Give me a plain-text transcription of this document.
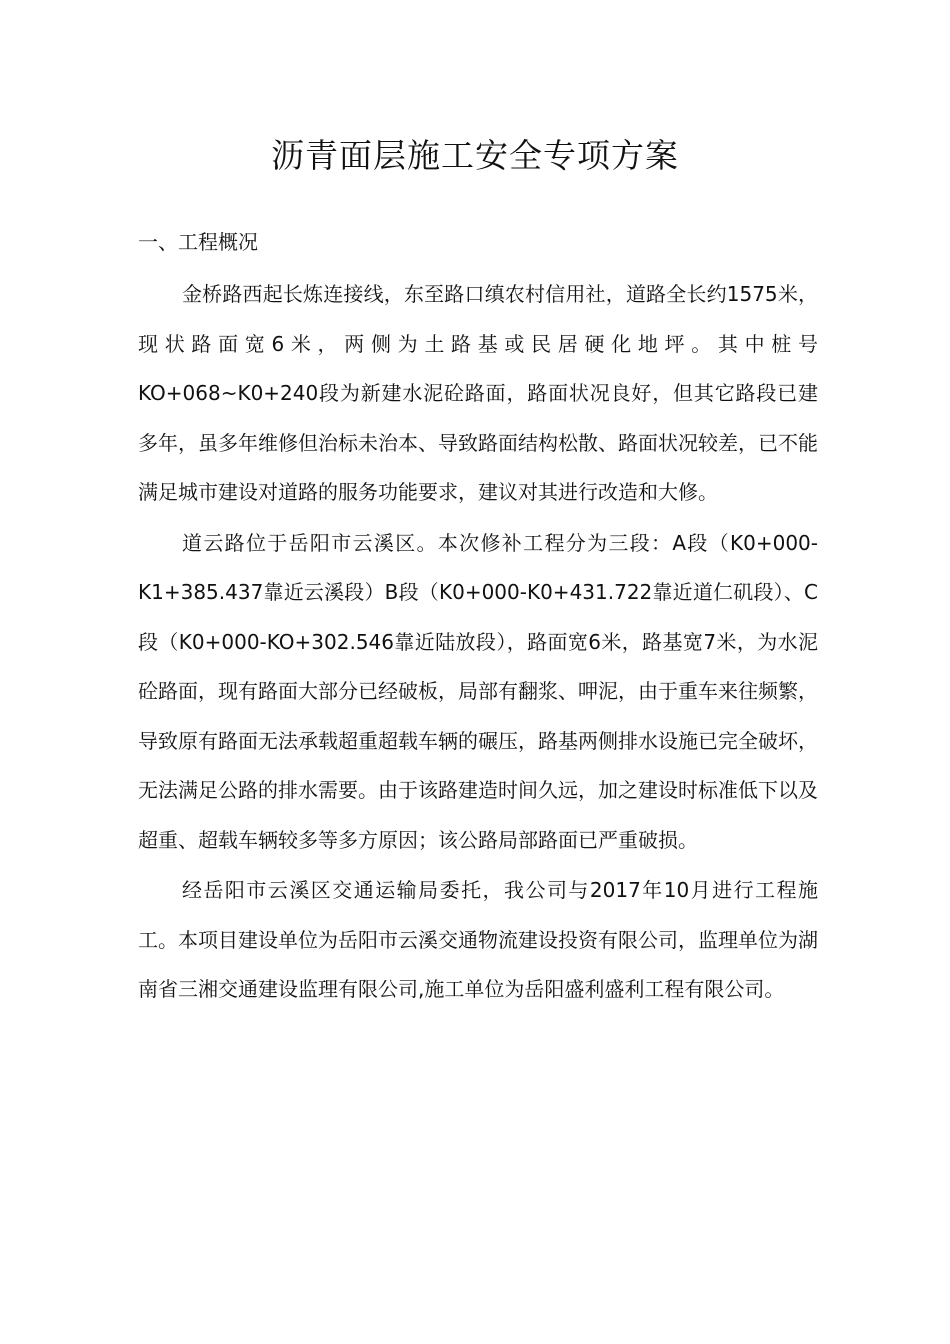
沥青面层施工安全专项方案
一、工程概况

金桥路西起长炼连接线，东至路口缜农村信用社，道路全长约1575米，现状路面宽6米，两侧为土路基或民居硬化地坪。其中桩号KO+068~K0+240段为新建水泥砼路面，路面状况良好，但其它路段已建多年，虽多年维修但治标未治本、导致路面结构松散、路面状况较差，已不能满足城市建设对道路的服务功能要求，建议对其进行改造和大修。

道云路位于岳阳市云溪区。本次修补工程分为三段：A段（K0+000-K1+385.437靠近云溪段）B段（K0+000-K0+431.722靠近道仁矶段）、C段（K0+000-KO+302.546靠近陆放段），路面宽6米，路基宽7米，为水泥砼路面，现有路面大部分已经破板，局部有翻浆、呷泥，由于重车来往频繁，导致原有路面无法承载超重超载车辆的碾压，路基两侧排水设施已完全破坏，无法满足公路的排水需要。由于该路建造时间久远，加之建设时标准低下以及超重、超载车辆较多等多方原因；该公路局部路面已严重破损。

经岳阳市云溪区交通运输局委托，我公司与2017年10月进行工程施工。本项目建设单位为岳阳市云溪交通物流建设投资有限公司，监理单位为湖南省三湘交通建设监理有限公司,施工单位为岳阳盛利盛利工程有限公司。
